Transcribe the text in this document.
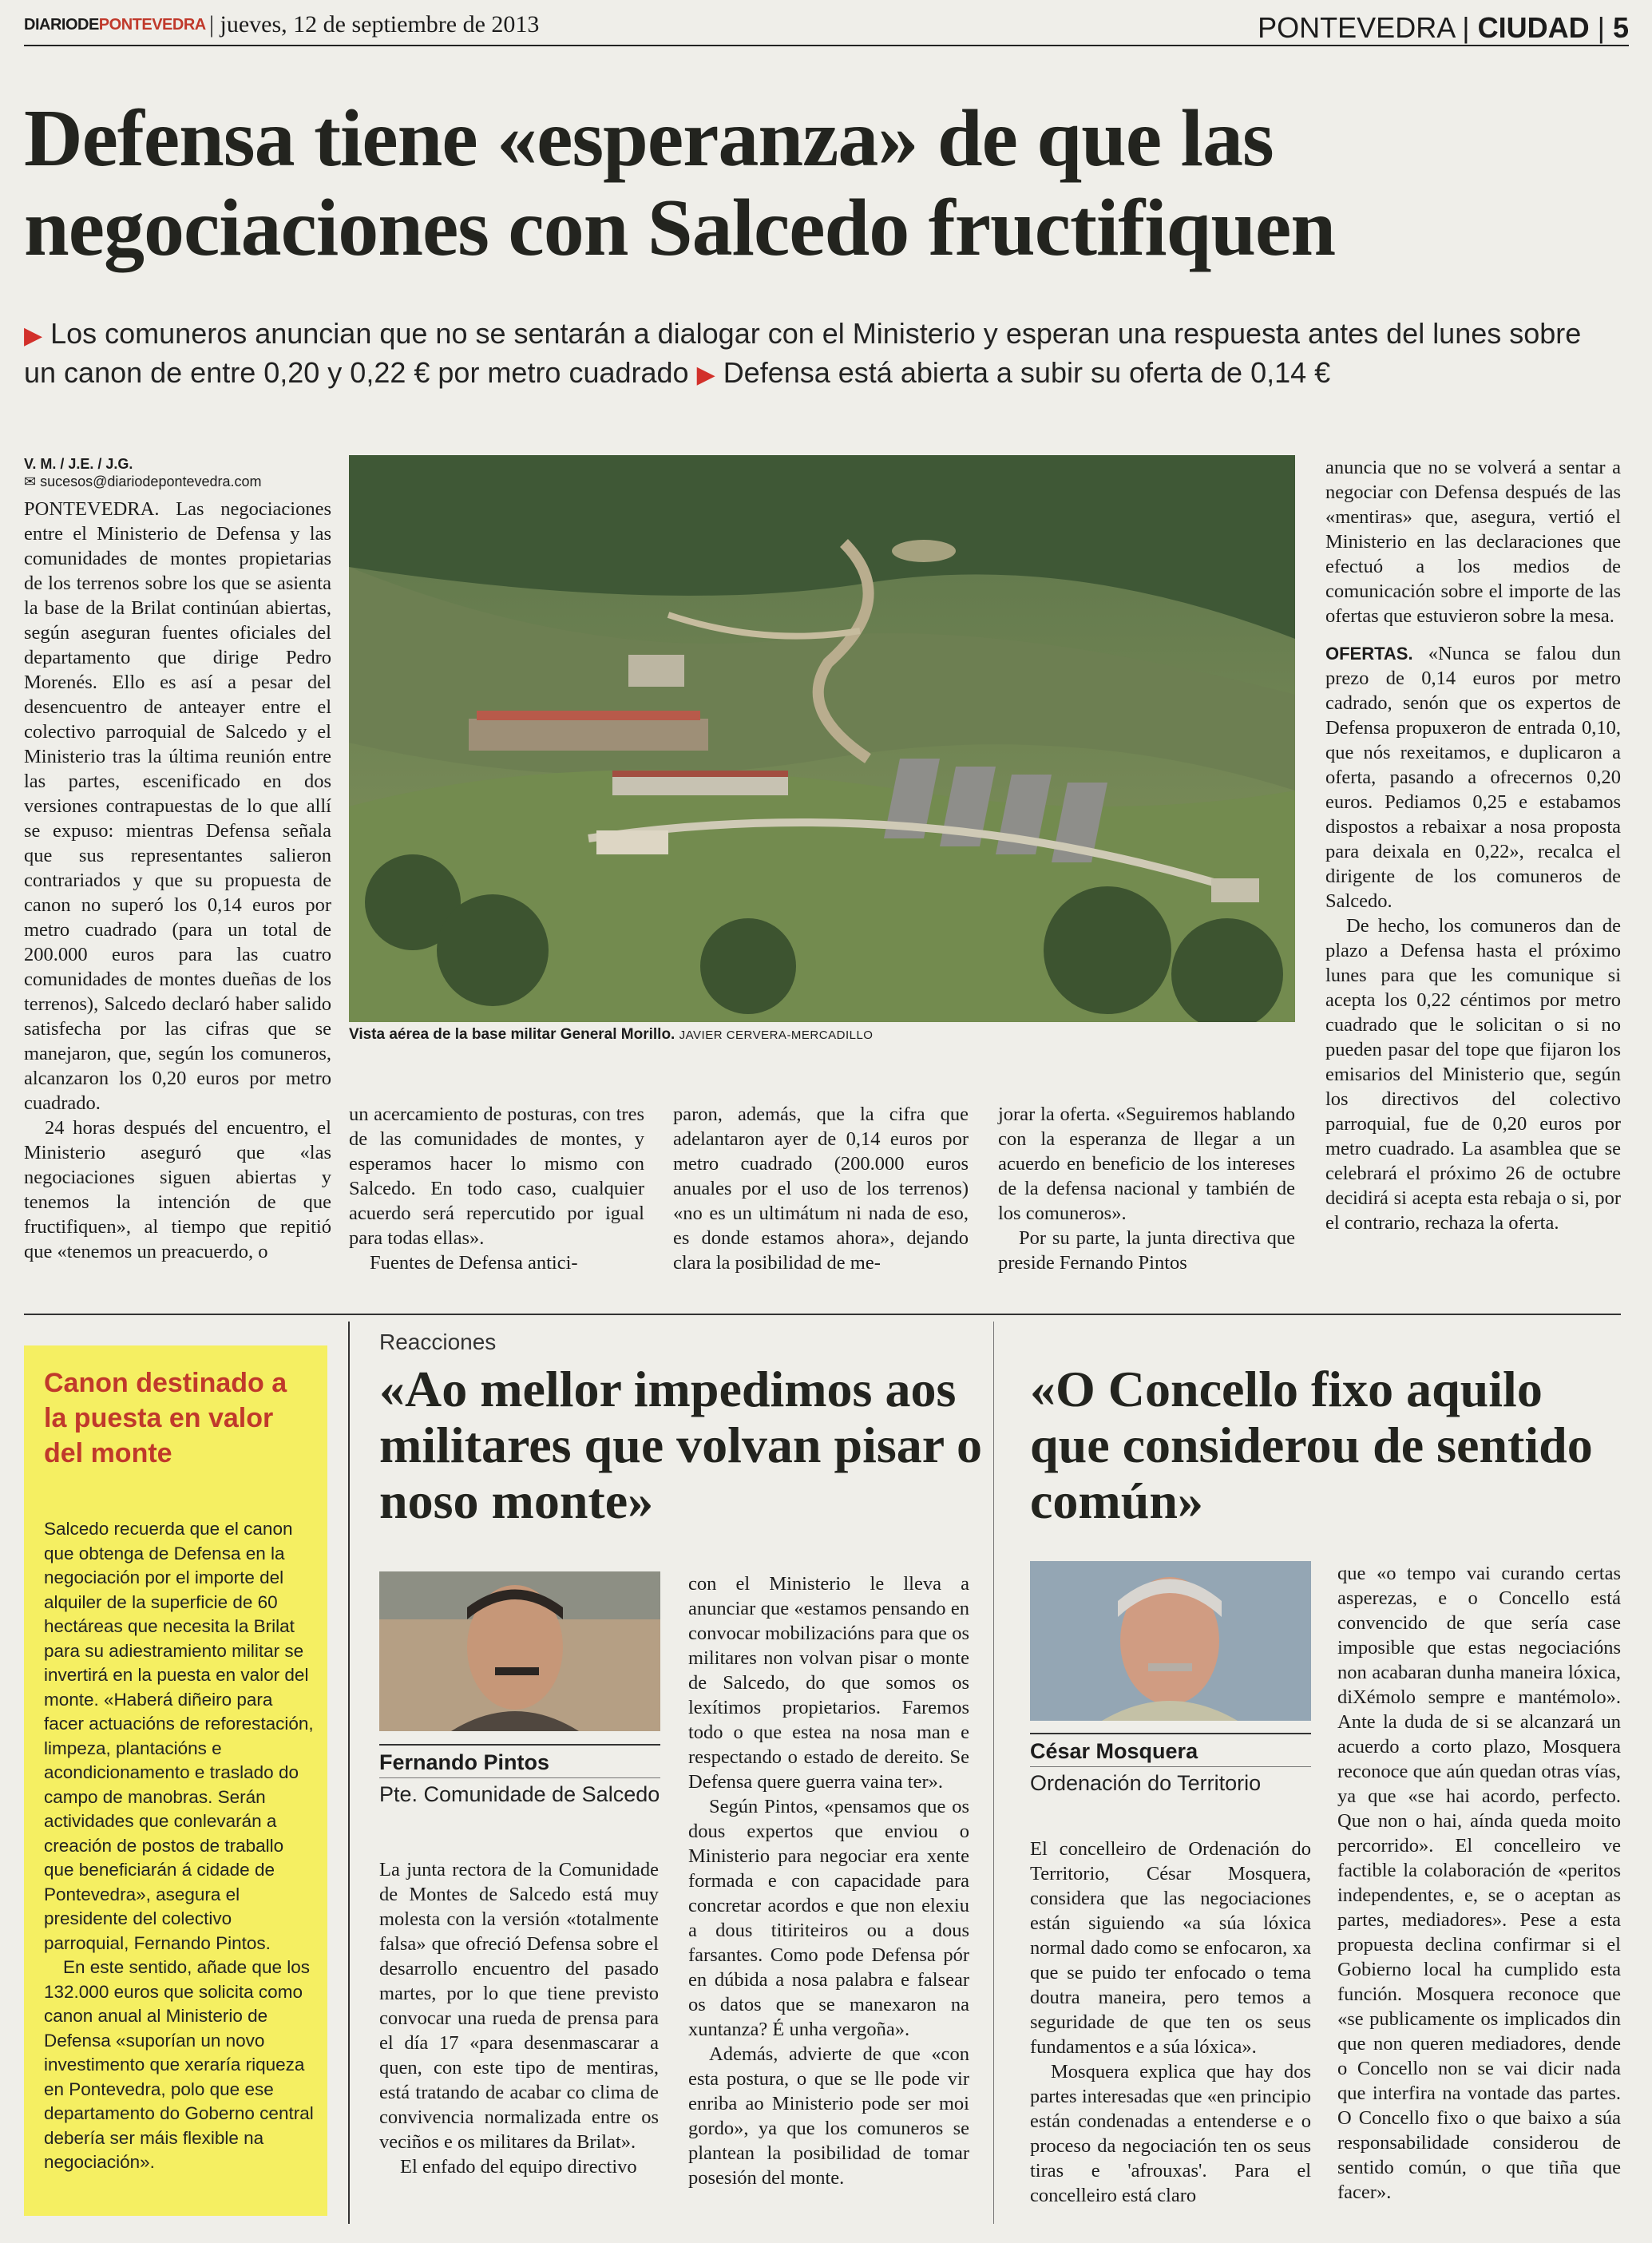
DIARIODEPONTEVEDRA | jueves, 12 de septiembre de 2013	PONTEVEDRA | CIUDAD | 5
Defensa tiene «esperanza» de que las
negociaciones con Salcedo fructifiquen
▶ Los comuneros anuncian que no se sentarán a dialogar con el Ministerio y esperan una respuesta antes del lunes sobre un canon de entre 0,20 y 0,22 € por metro cuadrado ▶ Defensa está abierta a subir su oferta de 0,14 €
V. M. / J.E. / J.G.
✉ sucesos@diariodepontevedra.com

PONTEVEDRA. Las negociaciones entre el Ministerio de Defensa y las comunidades de montes propietarias de los terrenos sobre los que se asienta la base de la Brilat continúan abiertas, según aseguran fuentes oficiales del departamento que dirige Pedro Morenés. Ello es así a pesar del desencuentro de anteayer entre el colectivo parroquial de Salcedo y el Ministerio tras la última reunión entre las partes, escenificado en dos versiones contrapuestas de lo que allí se expuso: mientras Defensa señala que sus representantes salieron contrariados y que su propuesta de canon no superó los 0,14 euros por metro cuadrado (para un total de 200.000 euros para las cuatro comunidades de montes dueñas de los terrenos), Salcedo declaró haber salido satisfecha por las cifras que se manejaron, que, según los comuneros, alcanzaron los 0,20 euros por metro cuadrado.

24 horas después del encuentro, el Ministerio aseguró que «las negociaciones siguen abiertas y tenemos la intención de que fructifiquen», al tiempo que repitió que «tenemos un preacuerdo, o

Vista aérea de la base militar General Morillo. JAVIER CERVERA-MERCADILLO

un acercamiento de posturas, con tres de las comunidades de montes, y esperamos hacer lo mismo con Salcedo. En todo caso, cualquier acuerdo será repercutido por igual para todas ellas».

Fuentes de Defensa antici-

paron, además, que la cifra que adelantaron ayer de 0,14 euros por metro cuadrado (200.000 euros anuales por el uso de los terrenos) «no es un ultimátum ni nada de eso, es donde estamos ahora», dejando clara la posibilidad de me-

jorar la oferta. «Seguiremos hablando con la esperanza de llegar a un acuerdo en beneficio de los intereses de la defensa nacional y también de los comuneros».

Por su parte, la junta directiva que preside Fernando Pintos

anuncia que no se volverá a sentar a negociar con Defensa después de las «mentiras» que, asegura, vertió el Ministerio en las declaraciones que efectuó a los medios de comunicación sobre el importe de las ofertas que estuvieron sobre la mesa.

OFERTAS. «Nunca se falou dun prezo de 0,14 euros por metro cadrado, senón que os expertos de Defensa propuxeron de entrada 0,10, que nós rexeitamos, e duplicaron a oferta, pasando a ofrecernos 0,20 euros. Pediamos 0,25 e estabamos dispostos a rebaixar a nosa proposta para deixala en 0,22», recalca el dirigente de los comuneros de Salcedo.

De hecho, los comuneros dan de plazo a Defensa hasta el próximo lunes para que les comunique si acepta los 0,22 céntimos por metro cuadrado que le solicitan o si no pueden pasar del tope que fijaron los emisarios del Ministerio que, según los directivos del colectivo parroquial, fue de 0,20 euros por metro cuadrado. La asamblea que se celebrará el próximo 26 de octubre decidirá si acepta esta rebaja o si, por el contrario, rechaza la oferta.

Canon destinado a la puesta en valor del monte

Salcedo recuerda que el canon que obtenga de Defensa en la negociación por el importe del alquiler de la superficie de 60 hectáreas que necesita la Brilat para su adiestramiento militar se invertirá en la puesta en valor del monte. «Haberá diñeiro para facer actuacións de reforestación, limpeza, plantacións e acondicionamento e traslado do campo de manobras. Serán actividades que conlevarán a creación de postos de traballo que beneficiarán á cidade de Pontevedra», asegura el presidente del colectivo parroquial, Fernando Pintos.

En este sentido, añade que los 132.000 euros que solicita como canon anual al Ministerio de Defensa «suporían un novo investimento que xeraría riqueza en Pontevedra, polo que ese departamento do Goberno central debería ser máis flexible na negociación».

Reacciones
«Ao mellor impedimos aos militares que volvan pisar o noso monte»
Fernando Pintos
Pte. Comunidade de Salcedo

La junta rectora de la Comunidade de Montes de Salcedo está muy molesta con la versión «totalmente falsa» que ofreció Defensa sobre el desarrollo encuentro del pasado martes, por lo que tiene previsto convocar una rueda de prensa para el día 17 «para desenmascarar a quen, con este tipo de mentiras, está tratando de acabar co clima de convivencia normalizada entre os veciños e os militares da Brilat».

El enfado del equipo directivo

con el Ministerio le lleva a anunciar que «estamos pensando en convocar mobilizacións para que os militares non volvan pisar o monte de Salcedo, do que somos os lexítimos propietarios. Faremos todo o que estea na nosa man e respectando o estado de dereito. Se Defensa quere guerra vaina ter».

Según Pintos, «pensamos que os dous expertos que enviou o Ministerio para negociar era xente formada e con capacidade para concretar acordos e que non elexiu a dous titiriteiros ou a dous farsantes. Como pode Defensa pór en dúbida a nosa palabra e falsear os datos que se manexaron na xuntanza? É unha vergoña».

Además, advierte de que «con esta postura, o que se lle pode vir enriba ao Ministerio pode ser moi gordo», ya que los comuneros se plantean la posibilidad de tomar posesión del monte.

«O Concello fixo aquilo que considerou de sentido común»
César Mosquera
Ordenación do Territorio

El concelleiro de Ordenación do Territorio, César Mosquera, considera que las negociaciones están siguiendo «a súa lóxica normal dado como se enfocaron, xa que se puido ter enfocado o tema doutra maneira, pero temos a seguridade de que ten os seus fundamentos e a súa lóxica».

Mosquera explica que hay dos partes interesadas que «en principio están condenadas a entenderse e o proceso da negociación ten os seus tiras e 'afrouxas'. Para el concelleiro está claro

que «o tempo vai curando certas asperezas, e o Concello está convencido de que sería case imposible que estas negociacións non acabaran dunha maneira lóxica, diXémolo sempre e mantémolo». Ante la duda de si se alcanzará un acuerdo a corto plazo, Mosquera reconoce que aún quedan otras vías, ya que «se hai acordo, perfecto. Que non o hai, aínda queda moito percorrido». El concelleiro ve factible la colaboración de «peritos independentes, e, se o aceptan as partes, mediadores». Pese a esta propuesta declina confirmar si el Gobierno local ha cumplido esta función. Mosquera reconoce que «se publicamente os implicados din que non queren mediadores, dende o Concello non se vai dicir nada que interfira na vontade das partes. O Concello fixo o que baixo a súa responsabilidade considerou de sentido común, o que tiña que facer».
